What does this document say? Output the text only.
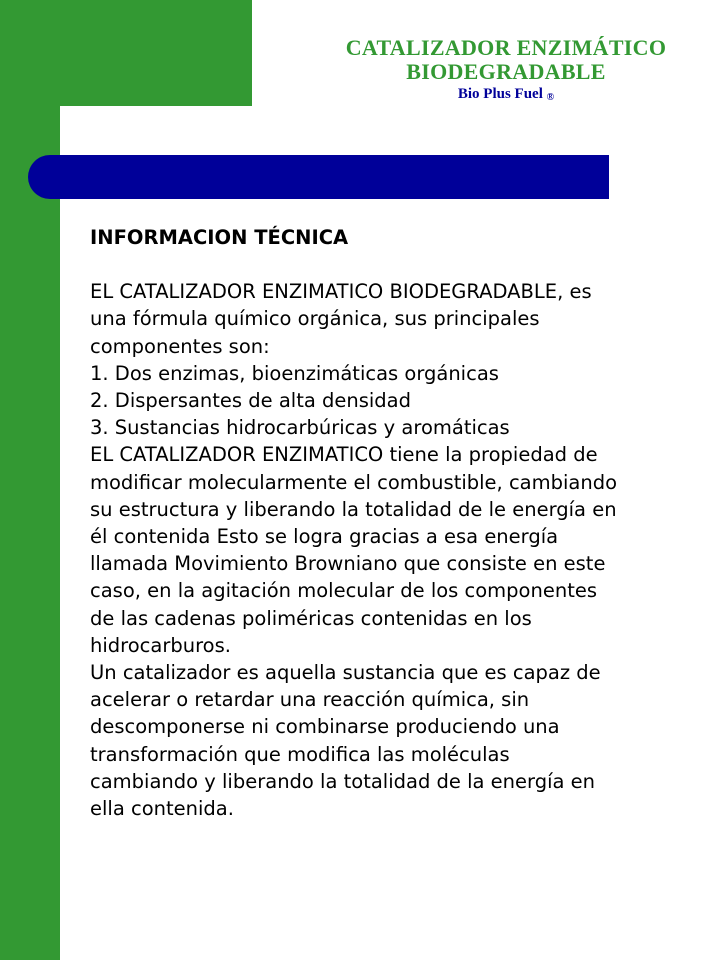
CATALIZADOR ENZIMÁTICO
BIODEGRADABLE
Bio Plus Fuel ®
INFORMACION TÉCNICA

EL CATALIZADOR ENZIMATICO BIODEGRADABLE, es

una fórmula químico orgánica, sus principales

componentes son:

1. Dos enzimas, bioenzimáticas orgánicas

2. Dispersantes de alta densidad

3. Sustancias hidrocarbúricas y aromáticas

EL CATALIZADOR ENZIMATICO tiene la propiedad de

modificar molecularmente el combustible, cambiando

su estructura y liberando la totalidad de le energía en

él contenida Esto se logra gracias a esa energía

llamada Movimiento Browniano que consiste en este

caso, en la agitación molecular de los componentes

de las cadenas poliméricas contenidas en los

hidrocarburos.

Un catalizador es aquella sustancia que es capaz de

acelerar o retardar una reacción química, sin

descomponerse ni combinarse produciendo una

transformación que modifica las moléculas

cambiando y liberando la totalidad de la energía en

ella contenida.
